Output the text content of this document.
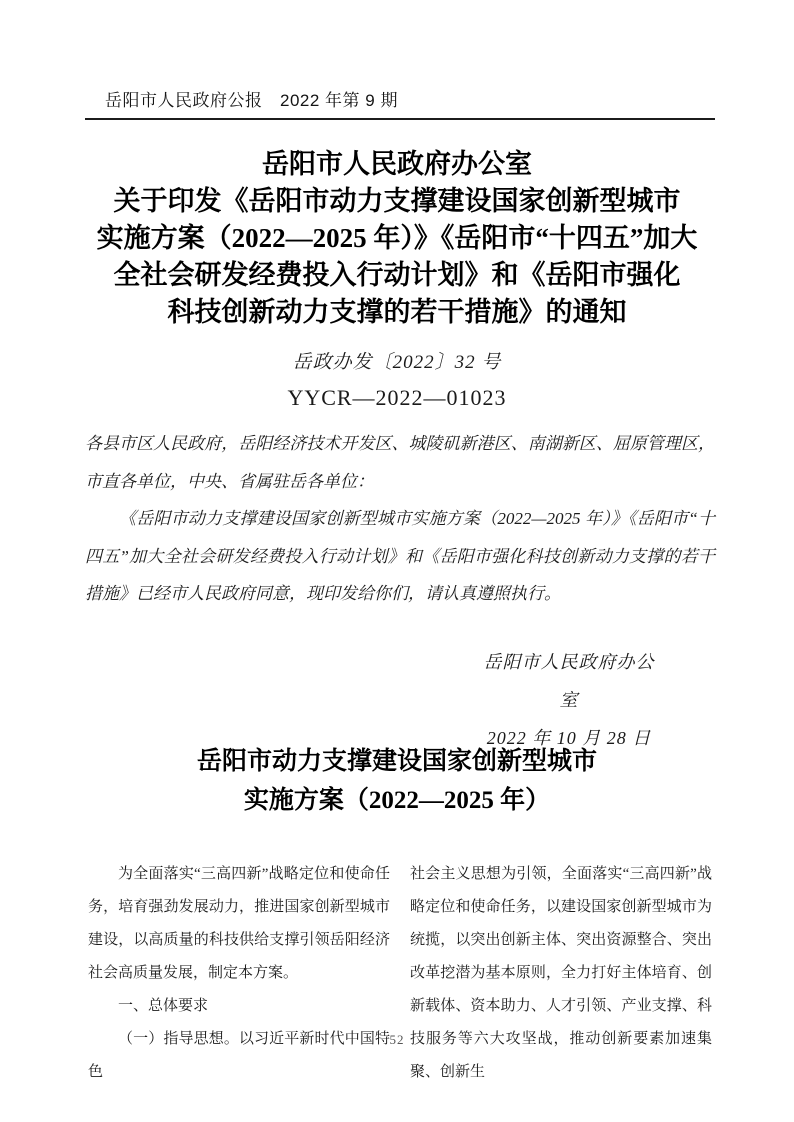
岳阳市人民政府公报　2022 年第 9 期
岳阳市人民政府办公室
关于印发《岳阳市动力支撑建设国家创新型城市
实施方案（2022—2025 年）》《岳阳市“十四五”加大
全社会研发经费投入行动计划》和《岳阳市强化
科技创新动力支撑的若干措施》的通知
岳政办发〔2022〕32 号
YYCR—2022—01023

各县市区人民政府，岳阳经济技术开发区、城陵矶新港区、南湖新区、屈原管理区，市直各单位，中央、省属驻岳各单位：

《岳阳市动力支撑建设国家创新型城市实施方案（2022—2025 年）》《岳阳市“十四五”加大全社会研发经费投入行动计划》和《岳阳市强化科技创新动力支撑的若干措施》已经市人民政府同意，现印发给你们，请认真遵照执行。

岳阳市人民政府办公室
2022 年 10 月 28 日
岳阳市动力支撑建设国家创新型城市
实施方案（2022—2025 年）

为全面落实“三高四新”战略定位和使命任务，培育强劲发展动力，推进国家创新型城市建设，以高质量的科技供给支撑引领岳阳经济社会高质量发展，制定本方案。

一、总体要求

（一）指导思想。以习近平新时代中国特色

社会主义思想为引领，全面落实“三高四新”战略定位和使命任务，以建设国家创新型城市为统揽，以突出创新主体、突出资源整合、突出改革挖潜为基本原则，全力打好主体培育、创新载体、资本助力、人才引领、产业支撑、科技服务等六大攻坚战，推动创新要素加速集聚、创新生

52
